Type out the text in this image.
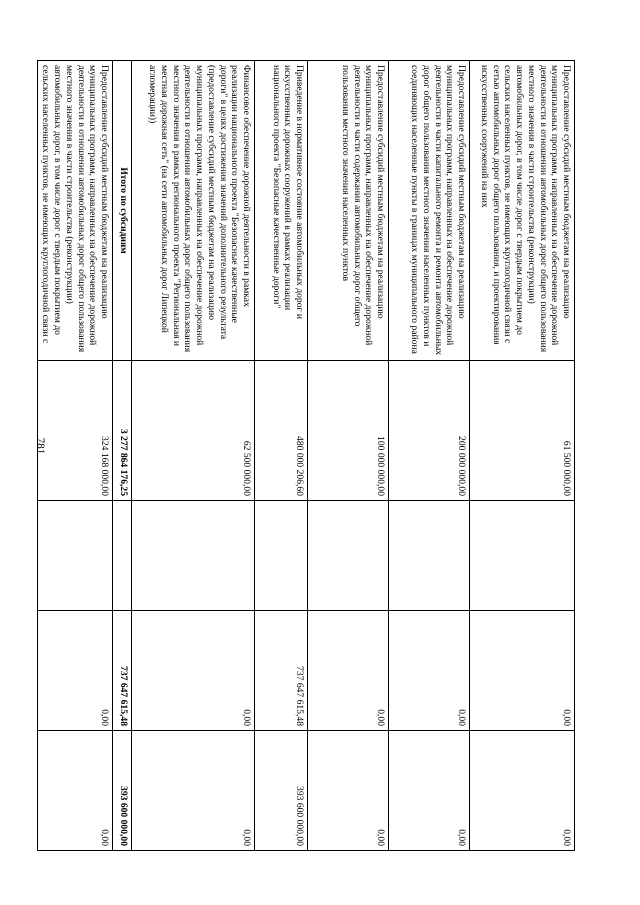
781
Предоставление субсидий местным бюджетам на реализацию муниципальных программ, направленных на обеспечение дорожной деятельности в отношении автомобильных дорог общего пользования местного значения в части строительства (реконструкции) автомобильных дорог, в том числе дорог с твердым покрытием до сельских населенных пунктов, не имеющих круглогодичной связи с сетью автомобильных дорог общего пользования, и проектирования искусственных сооружений на них	61 500 000,00		0,00	0,00
Предоставление субсидий местным бюджетам на реализацию муниципальных программ, направленных на обеспечение дорожной деятельности в части капитального ремонта и ремонта автомобильных дорог общего пользования местного значения населенных пунктов и соединяющих населенные пункты в границах муниципального района	200 000 000,00		0,00	0,00
Предоставление субсидий местным бюджетам на реализацию муниципальных программ, направленных на обеспечение дорожной деятельности в части содержания автомобильных дорог общего пользования местного значения населенных пунктов	100 000 000,00		0,00	0,00
Приведение в нормативное состояние автомобильных дорог и искусственных дорожных сооружений в рамках реализации национального проекта "Безопасные качественные дороги"	480 000 206,60		737 647 615,48	393 600 000,00
Финансовое обеспечение дорожной деятельности в рамках реализации национального проекта "Безопасные качественные дороги" в целях достижения значений дополнительного результата (предоставление субсидий местным бюджетам на реализацию муниципальных программ, направленных на обеспечение дорожной деятельности в отношении автомобильных дорог общего пользования местного значения в рамках регионального проекта "Региональная и местная дорожная сеть" (на сети автомобильных дорог Липецкой агломерации))	62 500 000,00		0,00	0,00
Итого по субсидиям	3 277 864 176,25		737 647 615,48	393 600 000,00
Предоставление субсидий местным бюджетам на реализацию муниципальных программ, направленных на обеспечение дорожной деятельности в отношении автомобильных дорог общего пользования местного значения в части строительства (реконструкции) автомобильных дорог, в том числе дорог с твердым покрытием до сельских населенных пунктов, не имеющих круглогодичной связи с	324 168 000,00		0,00	0,00
